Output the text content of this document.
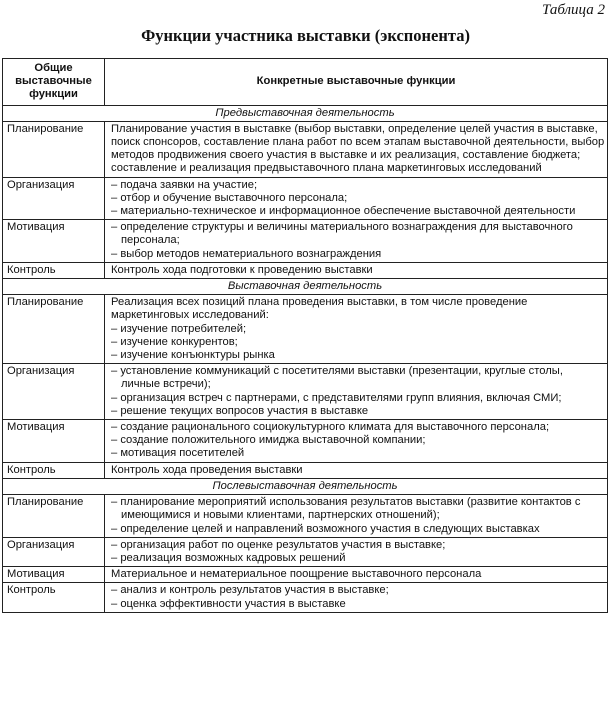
Таблица 2
Функции участника выставки (экспонента)
Общие выставочные функции	Конкретные выставочные функции
Предвыставочная деятельность	
Планирование	Планирование участия в выставке (выбор выставки, определение целей участия в выставке, поиск спонсоров, составление плана работ по всем этапам выставочной деятельности, выбор методов продвижения своего участия в выставке и их реализация, составление бюджета; составление и реализация предвыставочного плана маркетинговых исследований

Организация	– подача заявки на участие;
– отбор и обучение выставочного персонала;
– материально-техническое и информационное обеспечение выставочной деятельности

Мотивация	– определение структуры и величины материального вознаграждения для выставочного персонала;
– выбор методов нематериального вознаграждения

Контроль	Контроль хода подготовки к проведению выставки

Выставочная деятельность	
Планирование	Реализация всех позиций плана проведения выставки, в том числе проведение маркетинговых исследований:
– изучение потребителей;
– изучение конкурентов;
– изучение конъюнктуры рынка

Организация	– установление коммуникаций с посетителями выставки (презентации, круглые столы, личные встречи);
– организация встреч с партнерами, с представителями групп влияния, включая СМИ;
– решение текущих вопросов участия в выставке

Мотивация	– создание рационального социокультурного климата для выставочного персонала;
– создание положительного имиджа выставочной компании;
– мотивация посетителей

Контроль	Контроль хода проведения выставки

Послевыставочная деятельность	
Планирование	– планирование мероприятий использования результатов выставки (развитие контактов с имеющимися и новыми клиентами, партнерских отношений);
– определение целей и направлений возможного участия в следующих выставках

Организация	– организация работ по оценке результатов участия в выставке;
– реализация возможных кадровых решений

Мотивация	Материальное и нематериальное поощрение выставочного персонала

Контроль	– анализ и контроль результатов участия в выставке;
– оценка эффективности участия в выставке
